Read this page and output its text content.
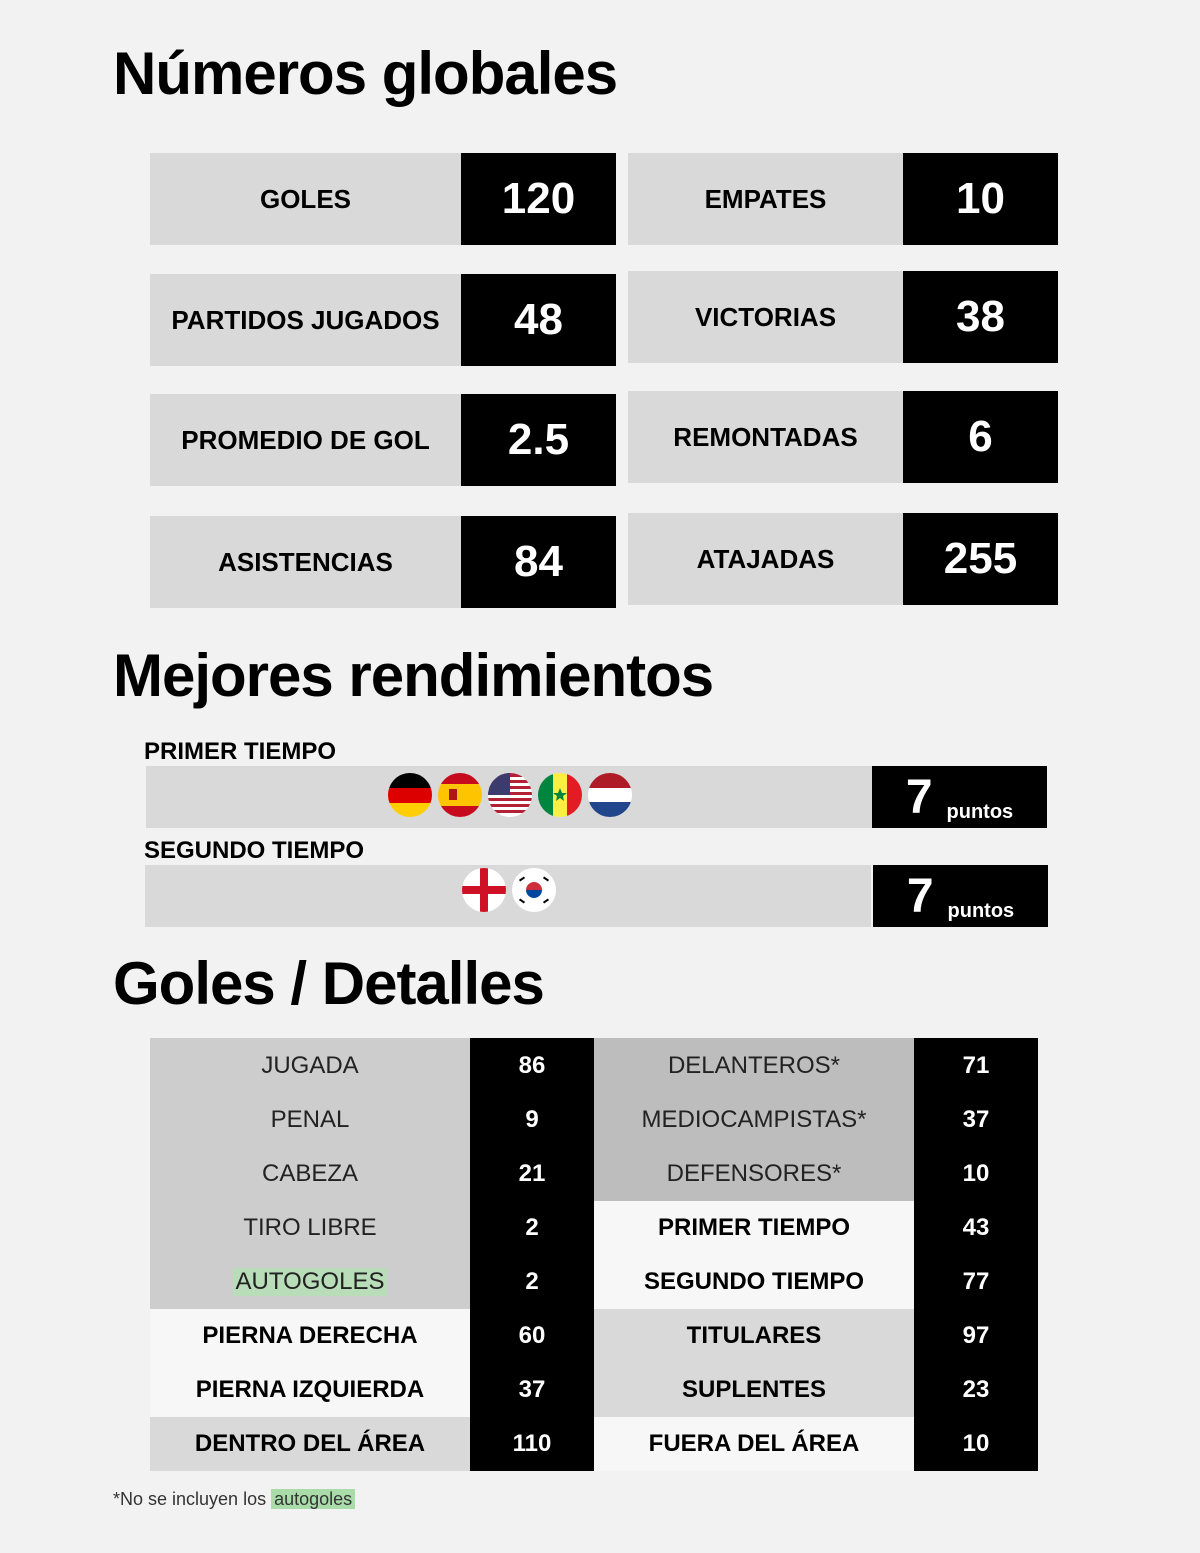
Números globales
Mejores rendimientos
Goles / Detalles
GOLES	120	EMPATES	10
PARTIDOS JUGADOS	48	VICTORIAS	38
PROMEDIO DE GOL	2.5	REMONTADAS	6
ASISTENCIAS	84	ATAJADAS	255
PRIMER TIEMPO
7 puntos
SEGUNDO TIEMPO
7 puntos
JUGADA	86	DELANTEROS*	71
PENAL	9	MEDIOCAMPISTAS*	37
CABEZA	21	DEFENSORES*	10
TIRO LIBRE	2	PRIMER TIEMPO	43
AUTOGOLES	2	SEGUNDO TIEMPO	77
PIERNA DERECHA	60	TITULARES	97
PIERNA IZQUIERDA	37	SUPLENTES	23
DENTRO DEL ÁREA	110	FUERA DEL ÁREA	10
*No se incluyen los autogoles
